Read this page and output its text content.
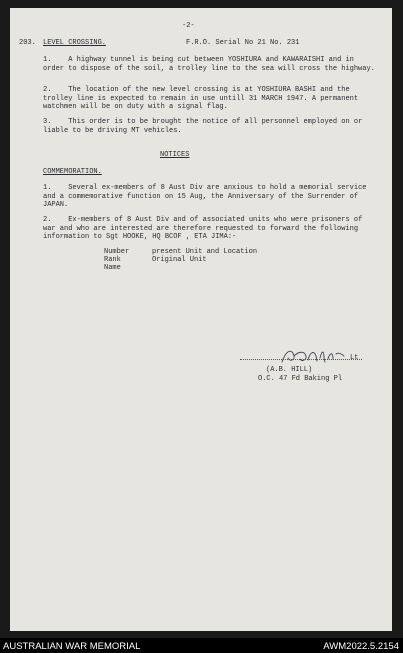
-2-
203. LEVEL CROSSING.	F.R.O. Serial No 21 No. 231
1. A highway tunnel is being cut between YOSHIURA and KAWARAISHI and in order to dispose of the soil, a trolley line to the sea will cross the highway.
2. The location of the new level crossing is at YOSHIURA BASHI and the trolley line is expected to remain in use untill 31 MARCH 1947. A permanent watchmen will be on duty with a signal flag.
3. This order is to be brought the notice of all personnel employed on or liable to be driving MT vehicles.
NOTICES
COMMEMORATION.
1. Several ex-members of 8 Aust Div are anxious to hold a memorial service and a commemorative function on 15 Aug, the Anniversary of the Surrender of JAPAN.
2. Ex-members of 8 Aust Div and of associated units who were prisoners of war and who are interested are therefore requested to forward the following information to Sgt HOOKE, HQ BCOF , ETA JIMA:-
Number
Rank
Name
present Unit and Location
Original Unit
Lt
(A.B. HILL)
O.C. 47 Fd Baking Pl
AUSTRALIAN WAR MEMORIAL	AWM2022.5.2154
